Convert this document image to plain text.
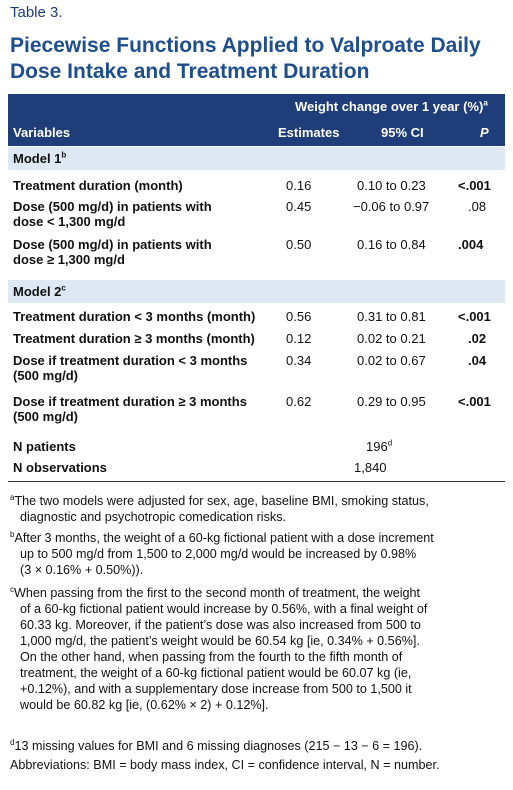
Table 3.
Piecewise Functions Applied to Valproate Daily
Dose Intake and Treatment Duration
Weight change over 1 year (%)$^a$
Variables	Estimates	95% CI	P
Model 1$^b$
Treatment duration (month)	0.16	0.10 to 0.23 <.001
Dose (500 mg/d) in patients with
dose < 1,300 mg/d
0.45	−0.06 to 0.97	.08
Dose (500 mg/d) in patients with
dose ≥ 1,300 mg/d
0.50	0.16 to 0.84 .004
Model 2$^c$
Treatment duration < 3 months (month) 0.56	0.31 to 0.81 <.001
Treatment duration ≥ 3 months (month) 0.12	0.02 to 0.21	.02
Dose if treatment duration < 3 months
(500 mg/d)
0.34	0.02 to 0.67	.04
Dose if treatment duration ≥ 3 months
(500 mg/d)
0.62	0.29 to 0.95 <.001
N patients	196$^d$
N observations	1,840
$^a$The two models were adjusted for sex, age, baseline BMI, smoking status,
diagnostic and psychotropic comedication risks.
$^b$After 3 months, the weight of a 60-kg fictional patient with a dose increment
up to 500 mg/d from 1,500 to 2,000 mg/d would be increased by 0.98%
(3 × 0.16% + 0.50%)).
$^c$When passing from the first to the second month of treatment, the weight
of a 60-kg fictional patient would increase by 0.56%, with a final weight of
60.33 kg. Moreover, if the patient’s dose was also increased from 500 to
1,000 mg/d, the patient’s weight would be 60.54 kg [ie, 0.34% + 0.56%].
On the other hand, when passing from the fourth to the fifth month of
treatment, the weight of a 60-kg fictional patient would be 60.07 kg (ie,
+0.12%), and with a supplementary dose increase from 500 to 1,500 it
would be 60.82 kg [ie, (0.62% × 2) + 0.12%].
$^d$13 missing values for BMI and 6 missing diagnoses (215 − 13 − 6 = 196).
Abbreviations: BMI = body mass index, CI = confidence interval, N = number.
